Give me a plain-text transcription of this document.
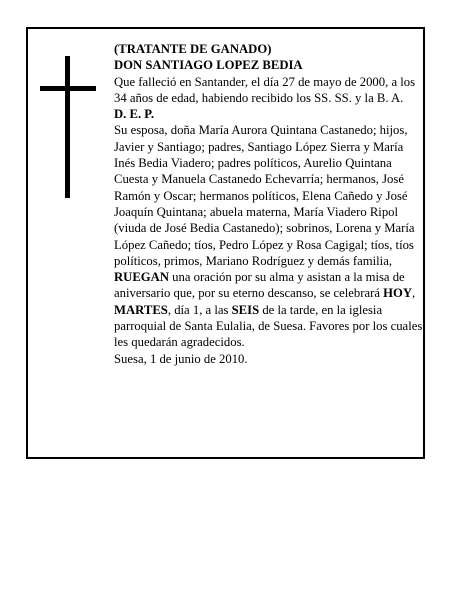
(TRATANTE DE GANADO)

DON SANTIAGO LOPEZ BEDIA

Que falleció en Santander, el día 27 de mayo de 2000, a los 34 años de edad, habiendo recibido los SS. SS. y la B. A.

D. E. P.

Su esposa, doña María Aurora Quintana Castanedo; hijos, Javier y Santiago; padres, Santiago López Sierra y María Inés Bedia Viadero; padres políticos, Aurelio Quintana Cuesta y Manuela Castanedo Echevarría; hermanos, José Ramón y Oscar; hermanos políticos, Elena Cañedo y José Joaquín Quintana; abuela materna, María Viadero Ripol (viuda de José Bedia Castanedo); sobrinos, Lorena y María López Cañedo; tíos, Pedro López y Rosa Cagigal; tíos, tíos políticos, primos, Mariano Rodríguez y demás familia,

RUEGAN una oración por su alma y asistan a la misa de aniversario que, por su eterno descanso, se celebrará HOY, MARTES, día 1, a las SEIS de la tarde, en la iglesia parroquial de Santa Eulalia, de Suesa. Favores por los cuales les quedarán agradecidos.

Suesa, 1 de junio de 2010.
